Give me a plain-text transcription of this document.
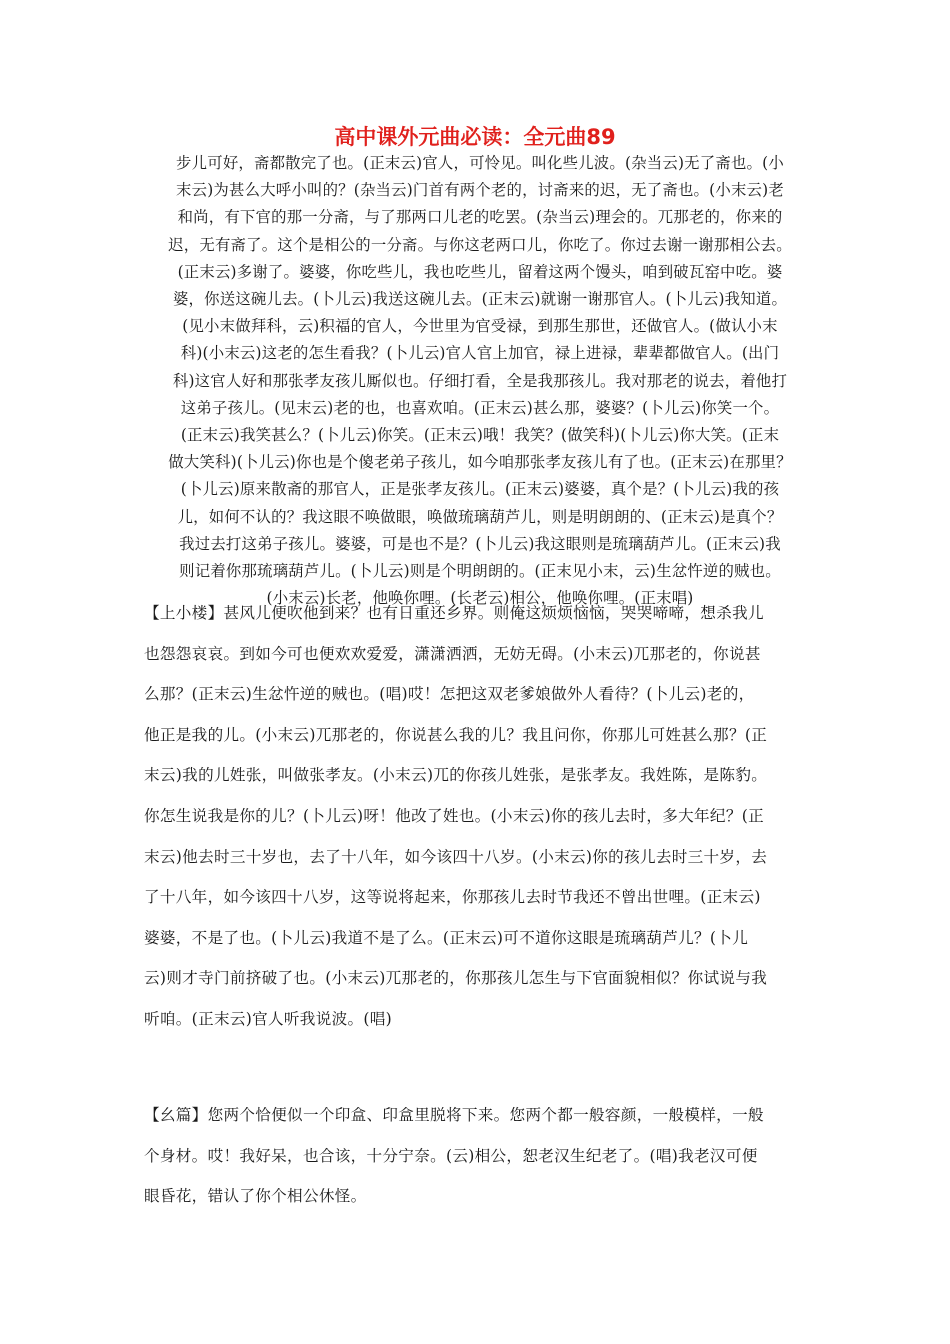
高中课外元曲必读：全元曲89
步儿可好，斋都散完了也。(正末云)官人，可怜见。叫化些儿波。(杂当云)无了斋也。(小
末云)为甚么大呼小叫的？(杂当云)门首有两个老的，讨斋来的迟，无了斋也。(小末云)老
和尚，有下官的那一分斋，与了那两口儿老的吃罢。(杂当云)理会的。兀那老的，你来的
迟，无有斋了。这个是相公的一分斋。与你这老两口儿，你吃了。你过去谢一谢那相公去。
(正末云)多谢了。婆婆，你吃些儿，我也吃些儿，留着这两个馒头，咱到破瓦窑中吃。婆
婆，你送这碗儿去。(卜儿云)我送这碗儿去。(正末云)就谢一谢那官人。(卜儿云)我知道。
(见小末做拜科，云)积福的官人，今世里为官受禄，到那生那世，还做官人。(做认小末
科)(小末云)这老的怎生看我？(卜儿云)官人官上加官，禄上进禄，辈辈都做官人。(出门
科)这官人好和那张孝友孩儿厮似也。仔细打看，全是我那孩儿。我对那老的说去，着他打
这弟子孩儿。(见末云)老的也，也喜欢咱。(正末云)甚么那，婆婆？(卜儿云)你笑一个。
(正末云)我笑甚么？(卜儿云)你笑。(正末云)哦！我笑？(做笑科)(卜儿云)你大笑。(正末
做大笑科)(卜儿云)你也是个傻老弟子孩儿，如今咱那张孝友孩儿有了也。(正末云)在那里？
(卜儿云)原来散斋的那官人，正是张孝友孩儿。(正末云)婆婆，真个是？(卜儿云)我的孩
儿，如何不认的？我这眼不唤做眼，唤做琉璃葫芦儿，则是明朗朗的、(正末云)是真个？
我过去打这弟子孩儿。婆婆，可是也不是？(卜儿云)我这眼则是琉璃葫芦儿。(正末云)我
则记着你那琉璃葫芦儿。(卜儿云)则是个明朗朗的。(正末见小末，云)生忿忤逆的贼也。
(小末云)长老，他唤你哩。(长老云)相公，他唤你哩。(正末唱)
【上小楼】甚风儿便吹他到来？也有日重还乡界。则俺这烦烦恼恼，哭哭啼啼，想杀我儿
也怨怨哀哀。到如今可也便欢欢爱爱，潇潇洒洒，无妨无碍。(小末云)兀那老的，你说甚
么那？(正末云)生忿忤逆的贼也。(唱)哎！怎把这双老爹娘做外人看待？(卜儿云)老的，
他正是我的儿。(小末云)兀那老的，你说甚么我的儿？我且问你，你那儿可姓甚么那？(正
末云)我的儿姓张，叫做张孝友。(小末云)兀的你孩儿姓张，是张孝友。我姓陈，是陈豹。
你怎生说我是你的儿？(卜儿云)呀！他改了姓也。(小末云)你的孩儿去时，多大年纪？(正
末云)他去时三十岁也，去了十八年，如今该四十八岁。(小末云)你的孩儿去时三十岁，去
了十八年，如今该四十八岁，这等说将起来，你那孩儿去时节我还不曾出世哩。(正末云)
婆婆，不是了也。(卜儿云)我道不是了么。(正末云)可不道你这眼是琉璃葫芦儿？(卜儿
云)则才寺门前挤破了也。(小末云)兀那老的，你那孩儿怎生与下官面貌相似？你试说与我
听咱。(正末云)官人听我说波。(唱)
【幺篇】您两个恰便似一个印盒、印盒里脱将下来。您两个都一般容颜，一般模样，一般
个身材。哎！我好呆，也合该，十分宁奈。(云)相公，恕老汉生纪老了。(唱)我老汉可便
眼昏花，错认了你个相公休怪。
